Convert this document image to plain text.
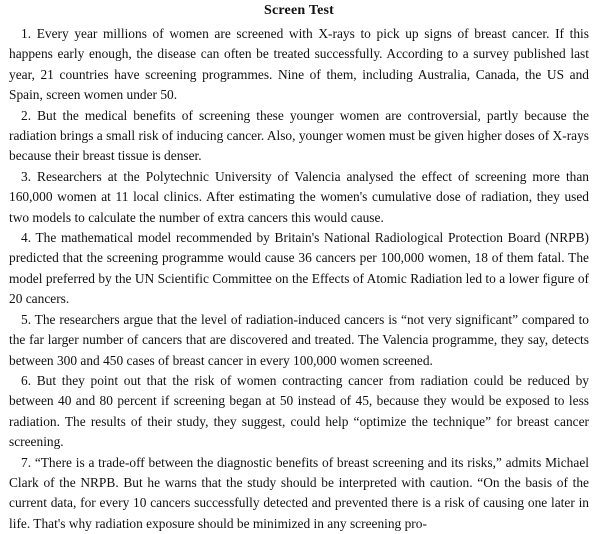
Screen Test

1. Every year millions of women are screened with X-rays to pick up signs of breast cancer. If this happens early enough, the disease can often be treated successfully. According to a survey published last year, 21 countries have screening programmes. Nine of them, including Australia, Canada, the US and Spain, screen women under 50.

2. But the medical benefits of screening these younger women are controversial, partly because the radiation brings a small risk of inducing cancer. Also, younger women must be given higher doses of X-rays because their breast tissue is denser.

3. Researchers at the Polytechnic University of Valencia analysed the effect of screening more than 160,000 women at 11 local clinics. After estimating the women's cumulative dose of radiation, they used two models to calculate the number of extra cancers this would cause.

4. The mathematical model recommended by Britain's National Radiological Protection Board (NRPB) predicted that the screening programme would cause 36 cancers per 100,000 women, 18 of them fatal. The model preferred by the UN Scientific Committee on the Effects of Atomic Radiation led to a lower figure of 20 cancers.

5. The researchers argue that the level of radiation-induced cancers is “not very significant” compared to the far larger number of cancers that are discovered and treated. The Valencia programme, they say, detects between 300 and 450 cases of breast cancer in every 100,000 women screened.

6. But they point out that the risk of women contracting cancer from radiation could be reduced by between 40 and 80 percent if screening began at 50 instead of 45, because they would be exposed to less radiation. The results of their study, they suggest, could help “optimize the technique” for breast cancer screening.

7. “There is a trade-off between the diagnostic benefits of breast screening and its risks,” admits Michael Clark of the NRPB. But he warns that the study should be interpreted with caution. “On the basis of the current data, for every 10 cancers successfully detected and prevented there is a risk of causing one later in life. That's why radiation exposure should be minimized in any screening pro-
